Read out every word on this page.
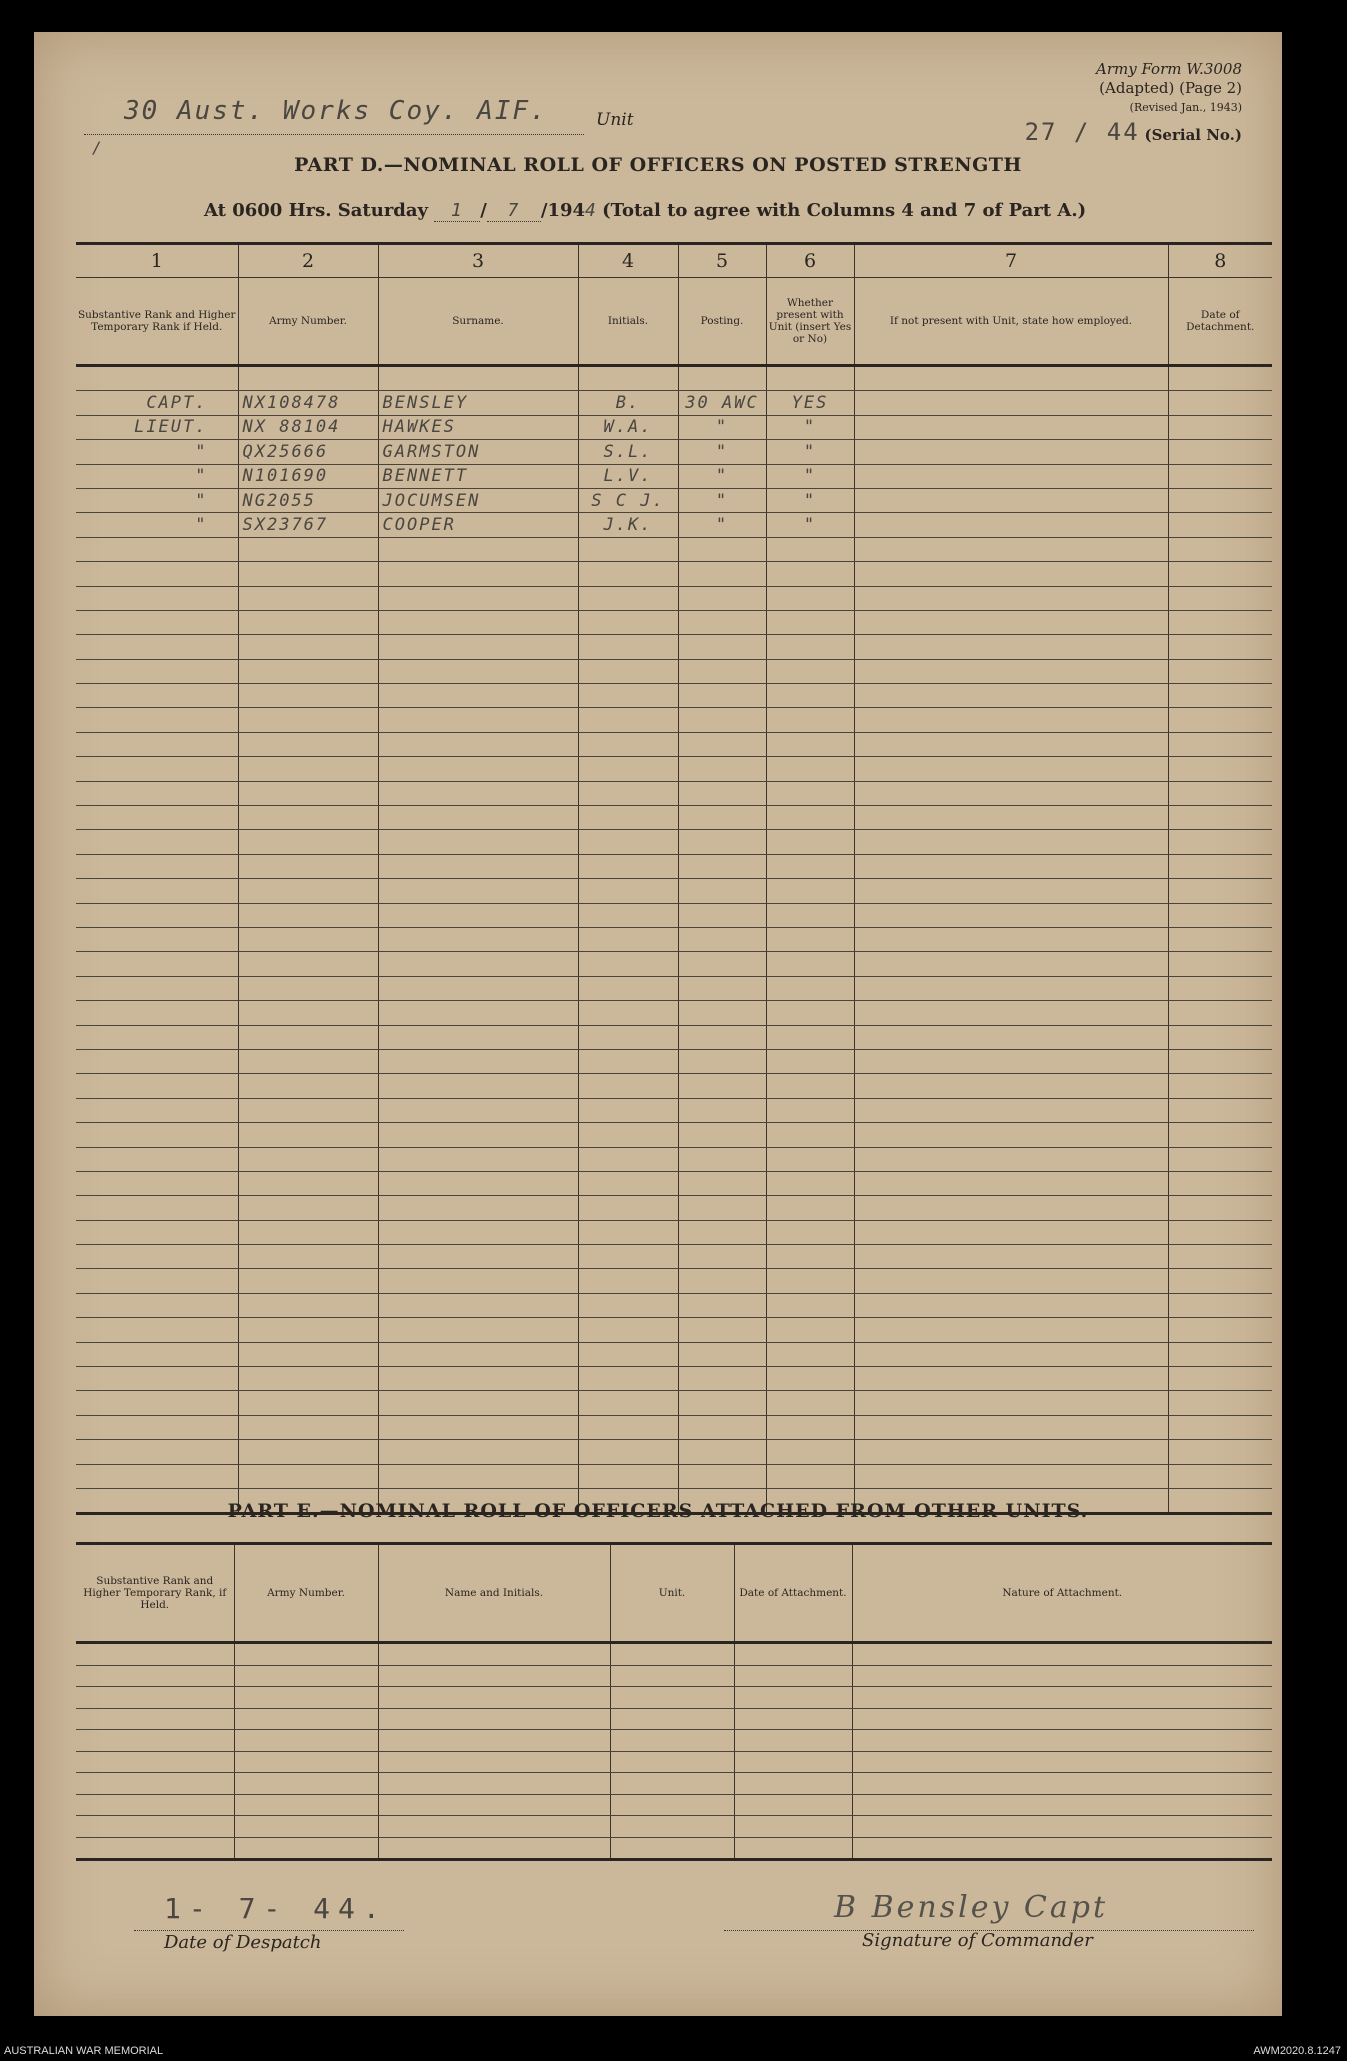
30 Aust. Works Coy. AIF.	Unit
/
Army Form W.3008
(Adapted) (Page 2)
(Revised Jan., 1943)
27 / 44 (Serial No.)
PART D.—NOMINAL ROLL OF OFFICERS ON POSTED STRENGTH
At 0600 Hrs. Saturday 1 / 7 /1944 (Total to agree with Columns 4 and 7 of Part A.)
1	2	3	4	5	6	7	8
Substantive Rank and Higher Temporary Rank if Held.	Army Number.	Surname.	Initials.	Posting.	Whether present with Unit (insert Yes or No)	If not present with Unit, state how employed.	Date of Detachment.

CAPT.	NX108478	BENSLEY	B.	30 AWC	YES		
LIEUT.	NX 88104	HAWKES	W.A.	"	"		
"	QX25666	GARMSTON	S.L.	"	"		
"	N101690	BENNETT	L.V.	"	"		
"	NG2055	JOCUMSEN	S C J.	"	"		
"	SX23767	COOPER	J.K.	"	"		

PART E.—NOMINAL ROLL OF OFFICERS ATTACHED FROM OTHER UNITS.
Substantive Rank and Higher Temporary Rank, if Held.	Army Number.	Name and Initials.	Unit.	Date of Attachment.	Nature of Attachment.

1- 7- 44.
Date of Despatch
B Bensley Capt
Signature of Commander
AUSTRALIAN WAR MEMORIAL	AWM2020.8.1247
